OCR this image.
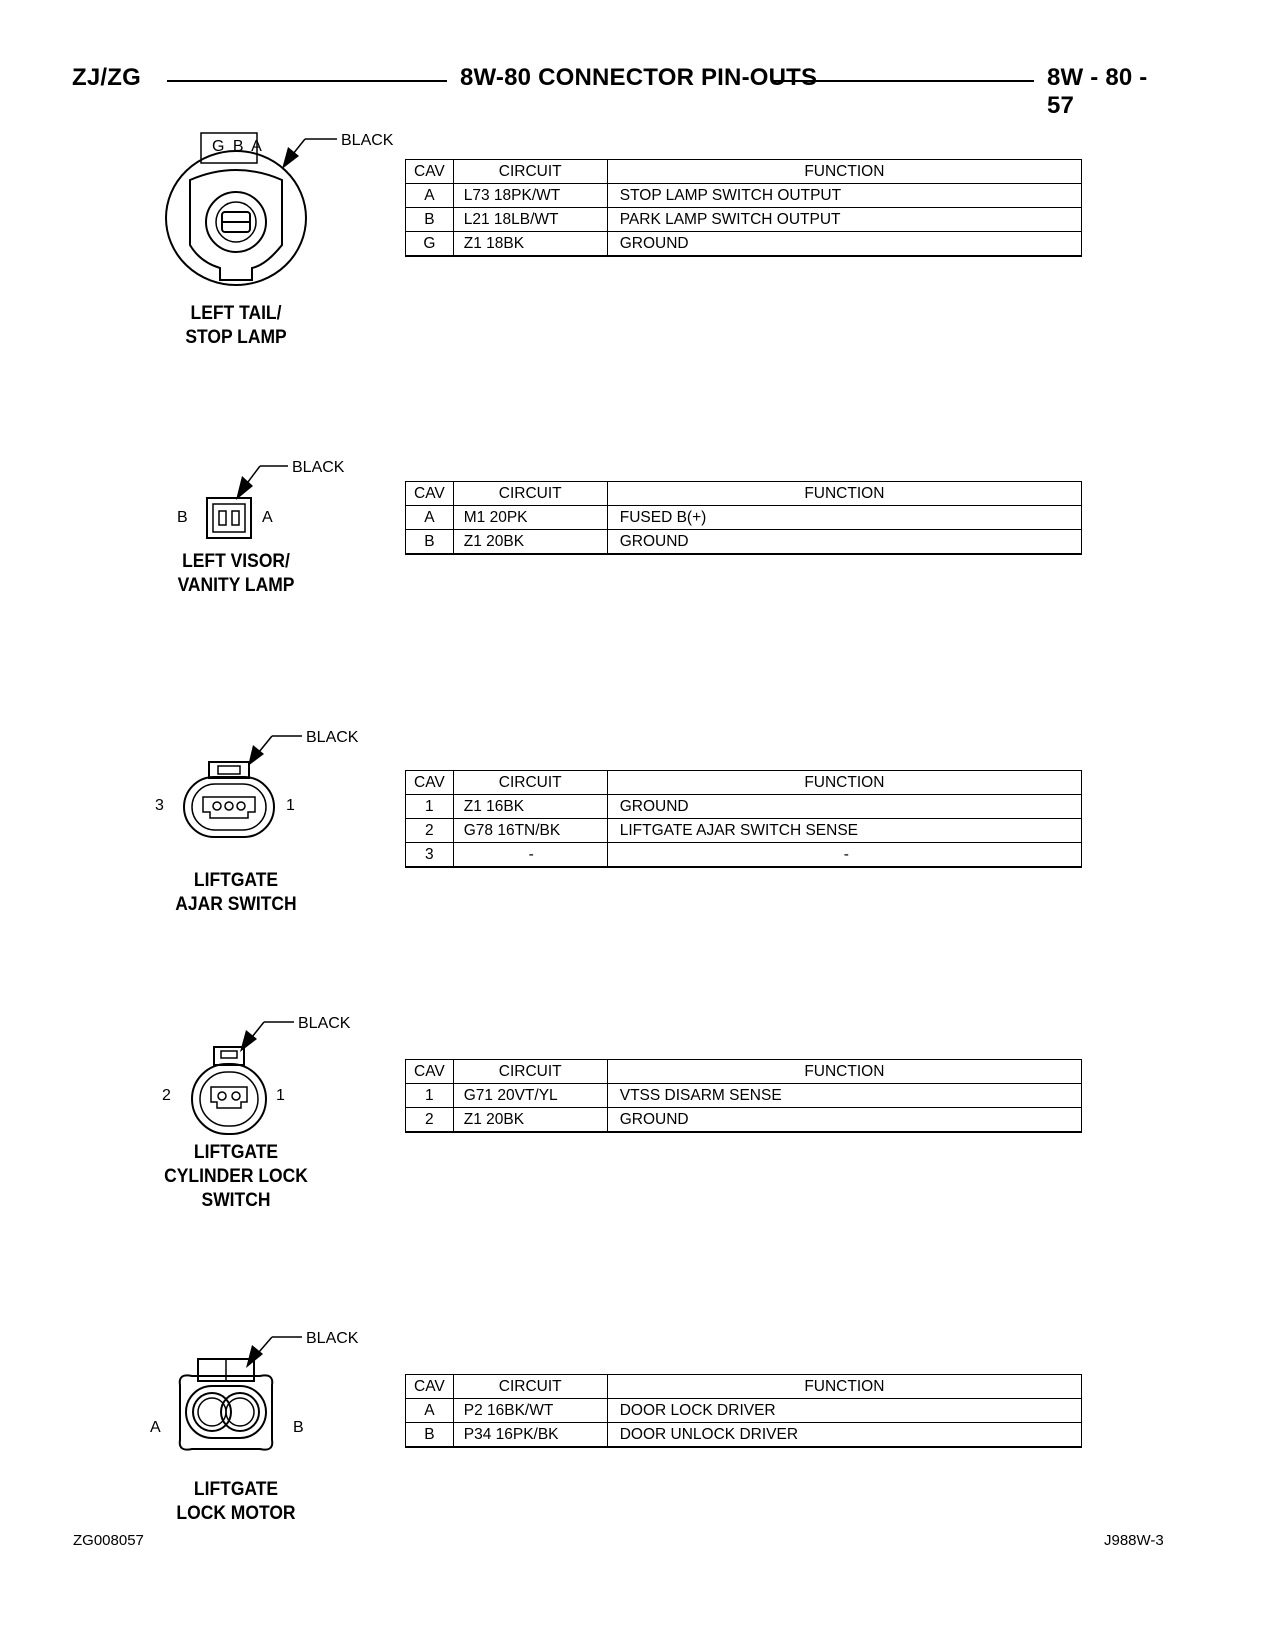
ZJ/ZG	8W-80 CONNECTOR PIN-OUTS	8W - 80 - 57
G B A	BLACK
LEFT TAIL/
STOP LAMP
CAV	CIRCUIT	FUNCTION
A	L73 18PK/WT	STOP LAMP SWITCH OUTPUT
B	L21 18LB/WT	PARK LAMP SWITCH OUTPUT
G	Z1 18BK	GROUND
B	A
BLACK
LEFT VISOR/
VANITY LAMP
CAV	CIRCUIT	FUNCTION
A	M1 20PK	FUSED B(+)
B	Z1 20BK	GROUND
3	1
BLACK
LIFTGATE
AJAR SWITCH
CAV	CIRCUIT	FUNCTION
1	Z1 16BK	GROUND
2	G78 16TN/BK	LIFTGATE AJAR SWITCH SENSE
3	-	-
2	1
BLACK
LIFTGATE
CYLINDER LOCK
SWITCH
CAV	CIRCUIT	FUNCTION
1	G71 20VT/YL	VTSS DISARM SENSE
2	Z1 20BK	GROUND
A	B
BLACK
LIFTGATE
LOCK MOTOR
CAV	CIRCUIT	FUNCTION
A	P2 16BK/WT	DOOR LOCK DRIVER
B	P34 16PK/BK	DOOR UNLOCK DRIVER
ZG008057	J988W-3
